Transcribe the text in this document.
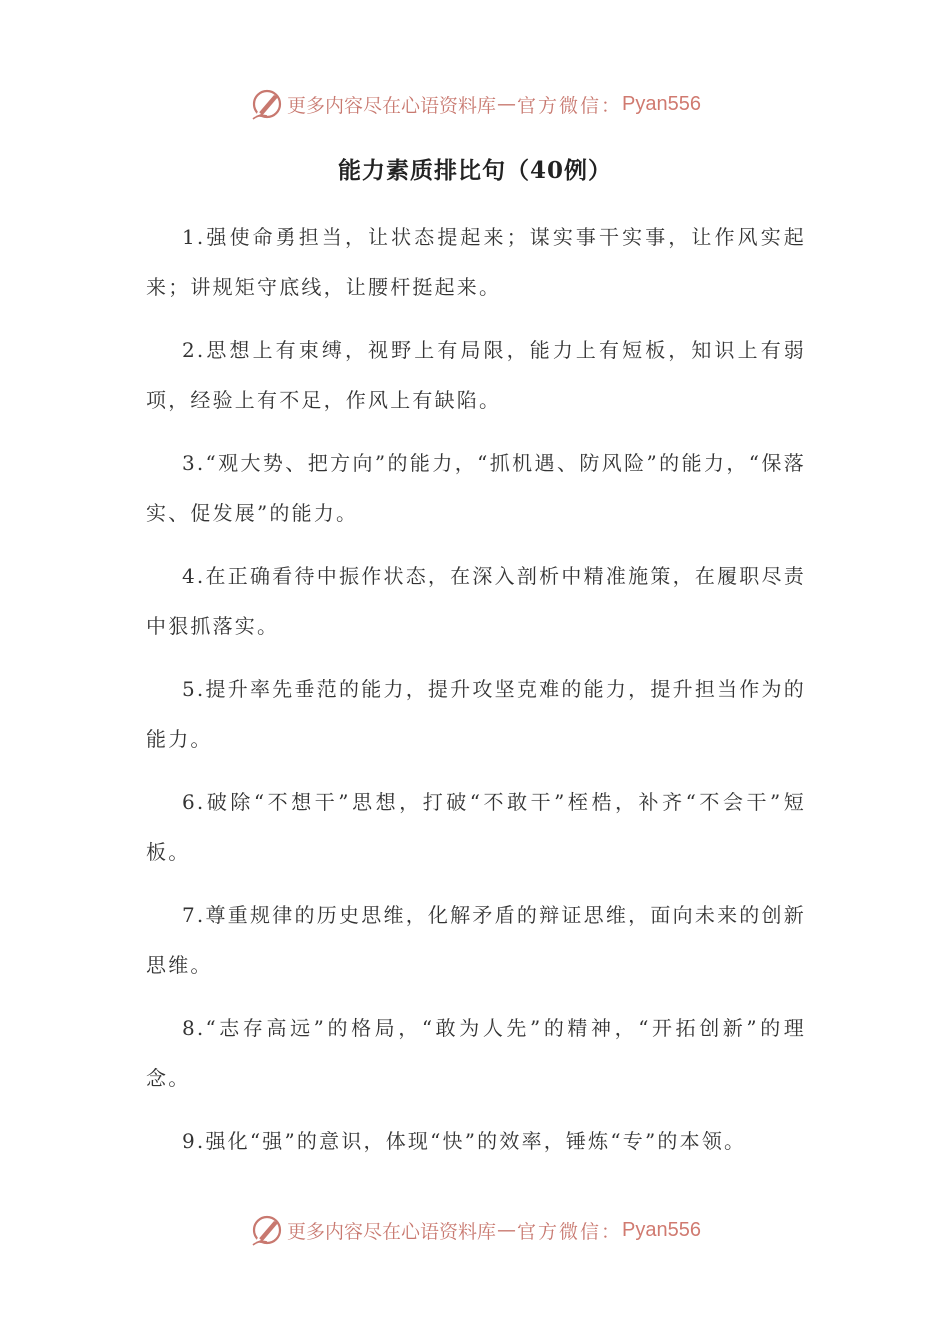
更多内容尽在心语资料库 — 官方微信： Pyan556
能力素质排比句（40例）

1.强使命勇担当，让状态提起来；谋实事干实事，让作风实起来；讲规矩守底线，让腰杆挺起来。

2.思想上有束缚，视野上有局限，能力上有短板，知识上有弱项，经验上有不足，作风上有缺陷。

3.“观大势、把方向”的能力，“抓机遇、防风险”的能力，“保落实、促发展”的能力。

4.在正确看待中振作状态，在深入剖析中精准施策，在履职尽责中狠抓落实。

5.提升率先垂范的能力，提升攻坚克难的能力，提升担当作为的能力。

6.破除“不想干”思想，打破“不敢干”桎梏，补齐“不会干”短板。

7.尊重规律的历史思维，化解矛盾的辩证思维，面向未来的创新思维。

8.“志存高远”的格局，“敢为人先”的精神，“开拓创新”的理念。

9.强化“强”的意识，体现“快”的效率，锤炼“专”的本领。

更多内容尽在心语资料库 — 官方微信： Pyan556
